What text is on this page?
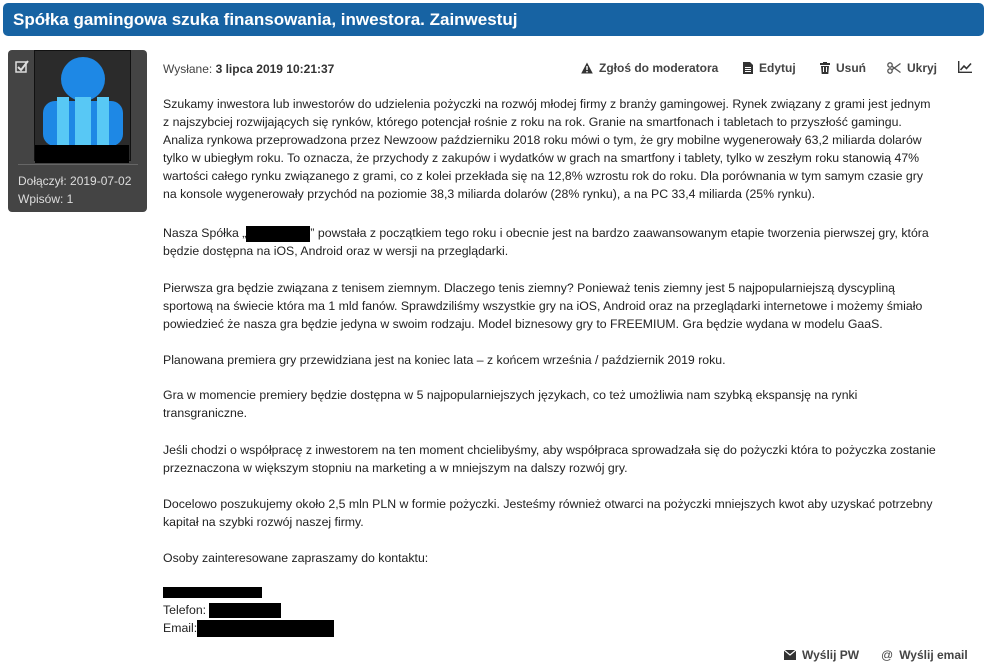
Spółka gamingowa szuka finansowania, inwestora. Zainwestuj
Dołączył: 2019-07-02
Wpisów: 1
Wysłane: 3 lipca 2019 10:21:37	Zgłoś do moderatora	Edytuj	Usuń	Ukryj

Szukamy inwestora lub inwestorów do udzielenia pożyczki na rozwój młodej firmy z branży gamingowej. Rynek związany z grami jest jednym

z najszybciej rozwijających się rynków, którego potencjał rośnie z roku na rok. Granie na smartfonach i tabletach to przyszłość gamingu.

Analiza rynkowa przeprowadzona przez Newzoow październiku 2018 roku mówi o tym, że gry mobilne wygenerowały 63,2 miliarda dolarów

tylko w ubiegłym roku. To oznacza, że przychody z zakupów i wydatków w grach na smartfony i tablety, tylko w zeszłym roku stanowią 47%

wartości całego rynku związanego z grami, co z kolei przekłada się na 12,8% wzrostu rok do roku. Dla porównania w tym samym czasie gry

na konsole wygenerowały przychód na poziomie 38,3 miliarda dolarów (28% rynku), a na PC 33,4 miliarda (25% rynku).

Nasza Spółka „	” powstała z początkiem tego roku i obecnie jest na bardzo zaawansowanym etapie tworzenia pierwszej gry, która

będzie dostępna na iOS, Android oraz w wersji na przeglądarki.

Pierwsza gra będzie związana z tenisem ziemnym. Dlaczego tenis ziemny? Ponieważ tenis ziemny jest 5 najpopularniejszą dyscypliną

sportową na świecie która ma 1 mld fanów. Sprawdziliśmy wszystkie gry na iOS, Android oraz na przeglądarki internetowe i możemy śmiało

powiedzieć że nasza gra będzie jedyna w swoim rodzaju. Model biznesowy gry to FREEMIUM. Gra będzie wydana w modelu GaaS.

Planowana premiera gry przewidziana jest na koniec lata – z końcem września / październik 2019 roku.

Gra w momencie premiery będzie dostępna w 5 najpopularniejszych językach, co też umożliwia nam szybką ekspansję na rynki

transgraniczne.

Jeśli chodzi o współpracę z inwestorem na ten moment chcielibyśmy, aby współpraca sprowadzała się do pożyczki która to pożyczka zostanie

przeznaczona w większym stopniu na marketing a w mniejszym na dalszy rozwój gry.

Docelowo poszukujemy około 2,5 mln PLN w formie pożyczki. Jesteśmy również otwarci na pożyczki mniejszych kwot aby uzyskać potrzebny

kapitał na szybki rozwój naszej firmy.

Osoby zainteresowane zapraszamy do kontaktu:

Telefon:

Email:

Wyślij PW @ Wyślij email
